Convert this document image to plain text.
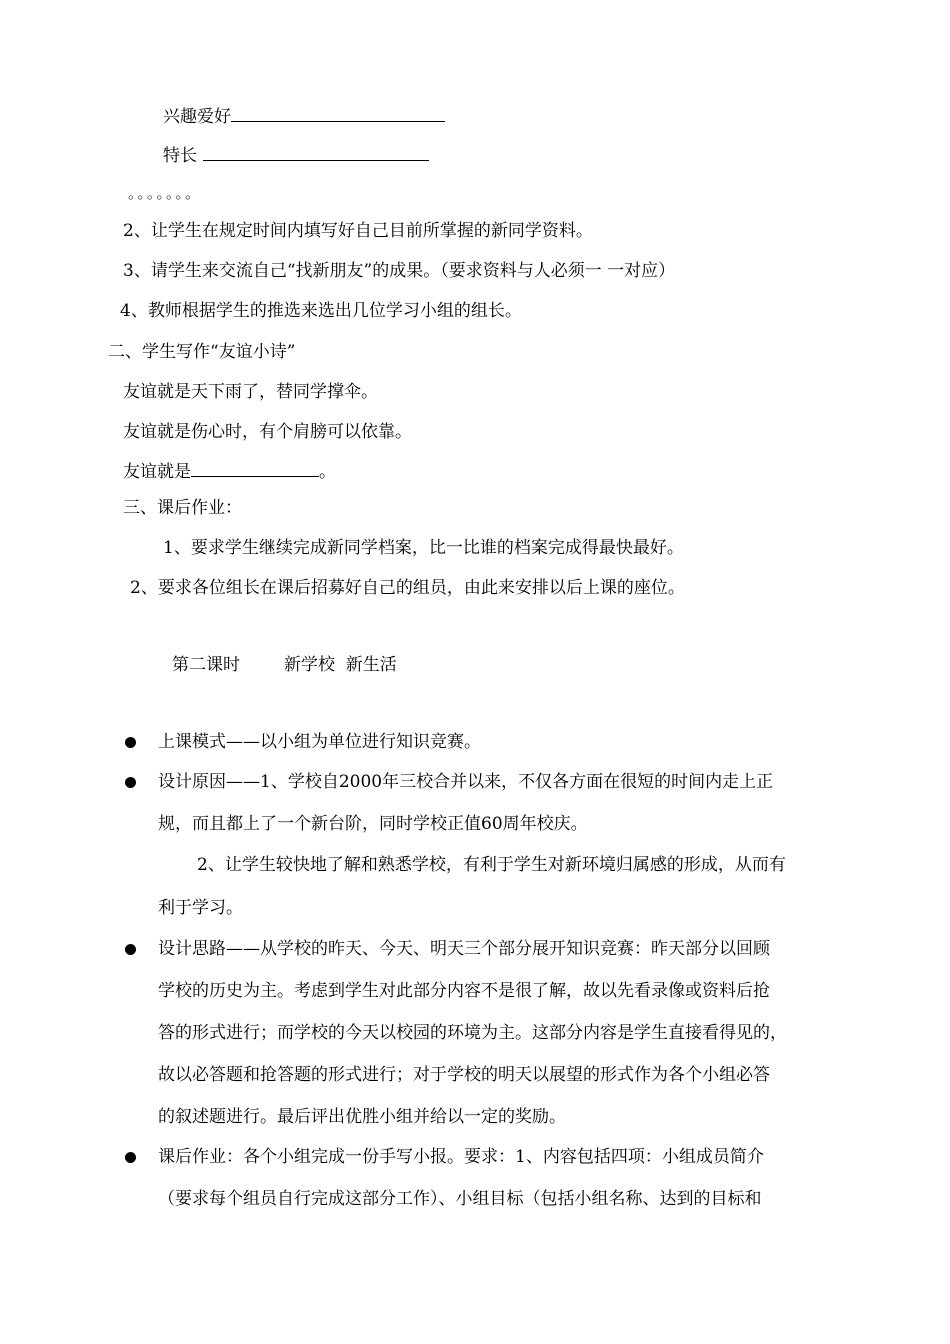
兴趣爱好
特长
。。。。。。。
2、让学生在规定时间内填写好自己目前所掌握的新同学资料。
3、请学生来交流自己“找新朋友”的成果。（要求资料与人必须一 一对应）
4、教师根据学生的推选来选出几位学习小组的组长。
二、学生写作“友谊小诗”
友谊就是天下雨了，替同学撑伞。
友谊就是伤心时，有个肩膀可以依靠。
友谊就是	。
三、课后作业：
1、要求学生继续完成新同学档案，比一比谁的档案完成得最快最好。
2、要求各位组长在课后招募好自己的组员，由此来安排以后上课的座位。
第二课时	新学校  新生活
上课模式——以小组为单位进行知识竞赛。
设计原因——1、学校自2000年三校合并以来，不仅各方面在很短的时间内走上正
规，而且都上了一个新台阶，同时学校正值60周年校庆。
2、让学生较快地了解和熟悉学校，有利于学生对新环境归属感的形成，从而有
利于学习。
设计思路——从学校的昨天、今天、明天三个部分展开知识竞赛：昨天部分以回顾
学校的历史为主。考虑到学生对此部分内容不是很了解，故以先看录像或资料后抢
答的形式进行；而学校的今天以校园的环境为主。这部分内容是学生直接看得见的，
故以必答题和抢答题的形式进行；对于学校的明天以展望的形式作为各个小组必答
的叙述题进行。最后评出优胜小组并给以一定的奖励。
课后作业：各个小组完成一份手写小报。要求：1、内容包括四项：小组成员简介
（要求每个组员自行完成这部分工作）、小组目标（包括小组名称、达到的目标和
